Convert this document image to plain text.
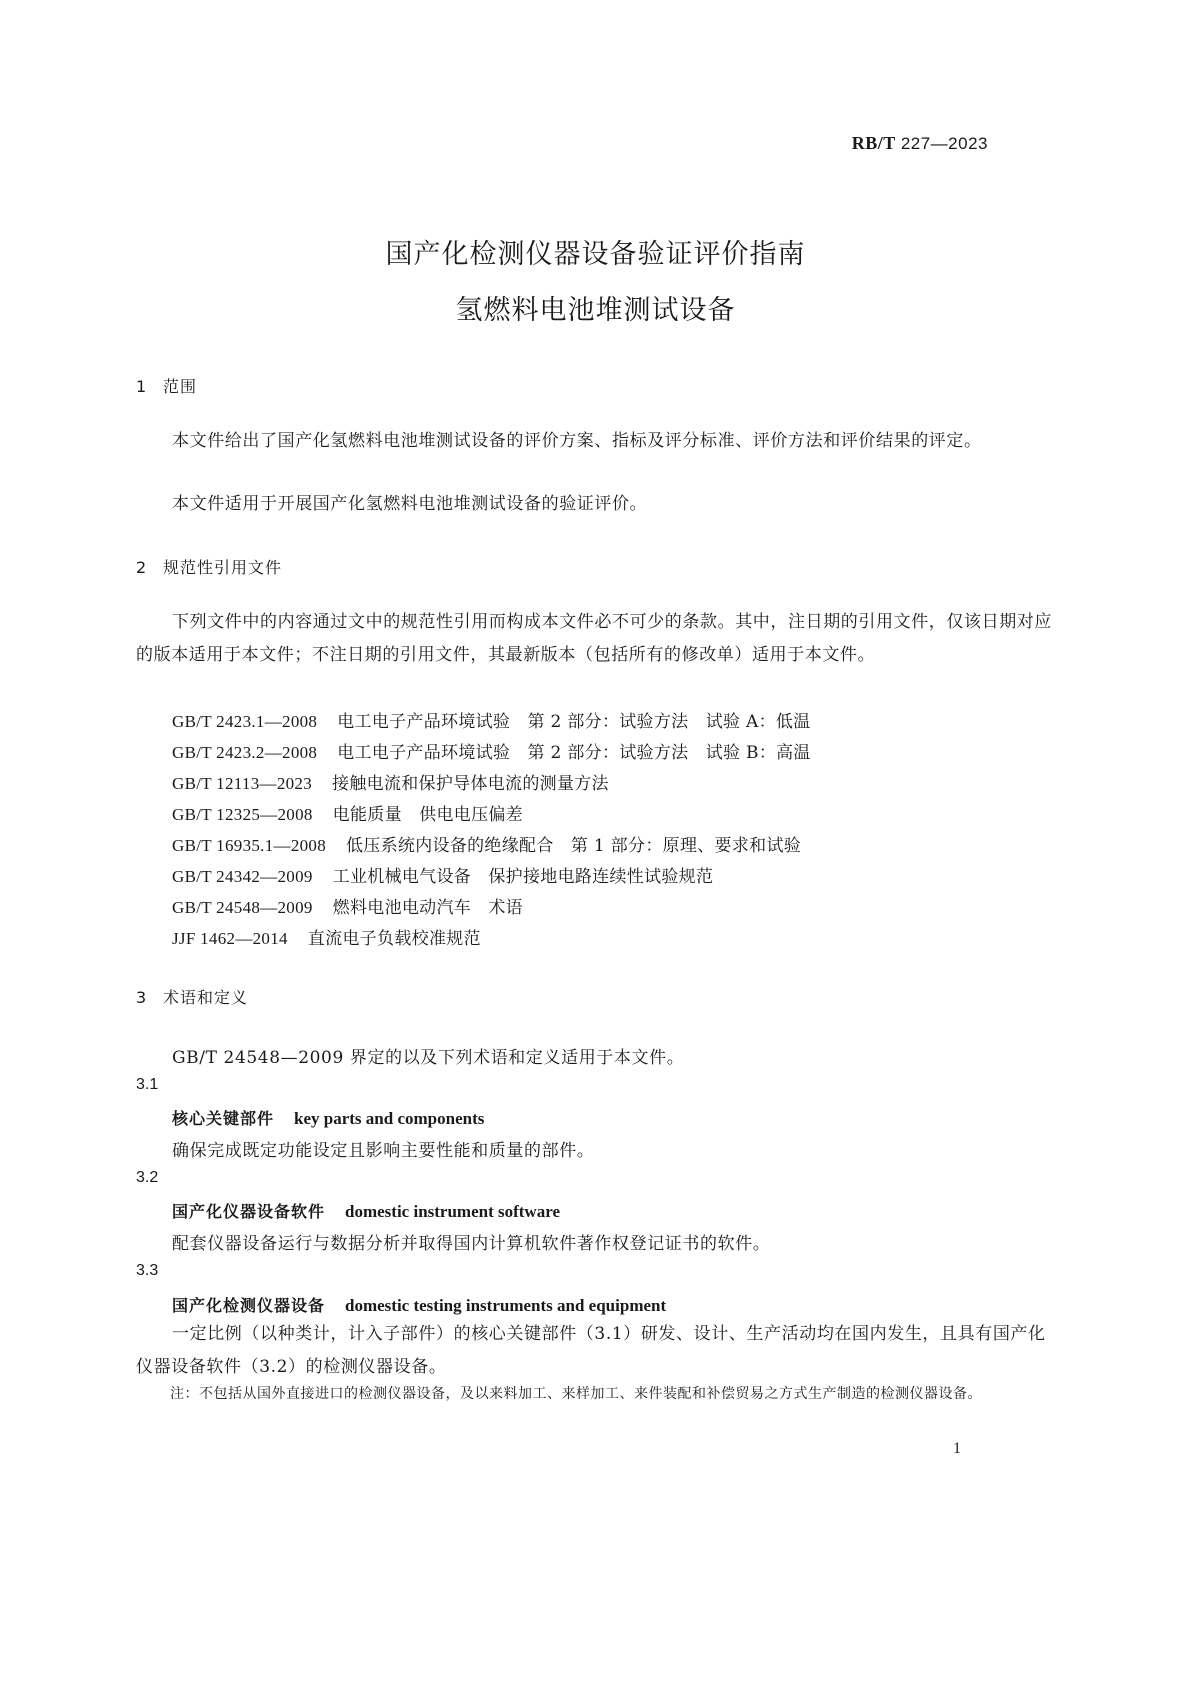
RB/T 227—2023
国产化检测仪器设备验证评价指南
氢燃料电池堆测试设备
1 范围
本文件给出了国产化氢燃料电池堆测试设备的评价方案、指标及评分标准、评价方法和评价结果的评定。
本文件适用于开展国产化氢燃料电池堆测试设备的验证评价。
2 规范性引用文件
下列文件中的内容通过文中的规范性引用而构成本文件必不可少的条款。其中，注日期的引用文件，仅该日期对应的版本适用于本文件；不注日期的引用文件，其最新版本（包括所有的修改单）适用于本文件。
GB/T 2423.1—2008 电工电子产品环境试验　第 2 部分：试验方法　试验 A：低温
GB/T 2423.2—2008 电工电子产品环境试验　第 2 部分：试验方法　试验 B：高温
GB/T 12113—2023 接触电流和保护导体电流的测量方法
GB/T 12325—2008 电能质量　供电电压偏差
GB/T 16935.1—2008 低压系统内设备的绝缘配合　第 1 部分：原理、要求和试验
GB/T 24342—2009 工业机械电气设备　保护接地电路连续性试验规范
GB/T 24548—2009 燃料电池电动汽车　术语
JJF 1462—2014 直流电子负载校准规范
3 术语和定义
GB/T 24548—2009 界定的以及下列术语和定义适用于本文件。
3.1
核心关键部件 key parts and components
确保完成既定功能设定且影响主要性能和质量的部件。
3.2
国产化仪器设备软件 domestic instrument software
配套仪器设备运行与数据分析并取得国内计算机软件著作权登记证书的软件。
3.3
国产化检测仪器设备 domestic testing instruments and equipment
一定比例（以种类计，计入子部件）的核心关键部件（3.1）研发、设计、生产活动均在国内发生，且具有国产化仪器设备软件（3.2）的检测仪器设备。
注：不包括从国外直接进口的检测仪器设备，及以来料加工、来样加工、来件装配和补偿贸易之方式生产制造的检测仪器设备。
1
